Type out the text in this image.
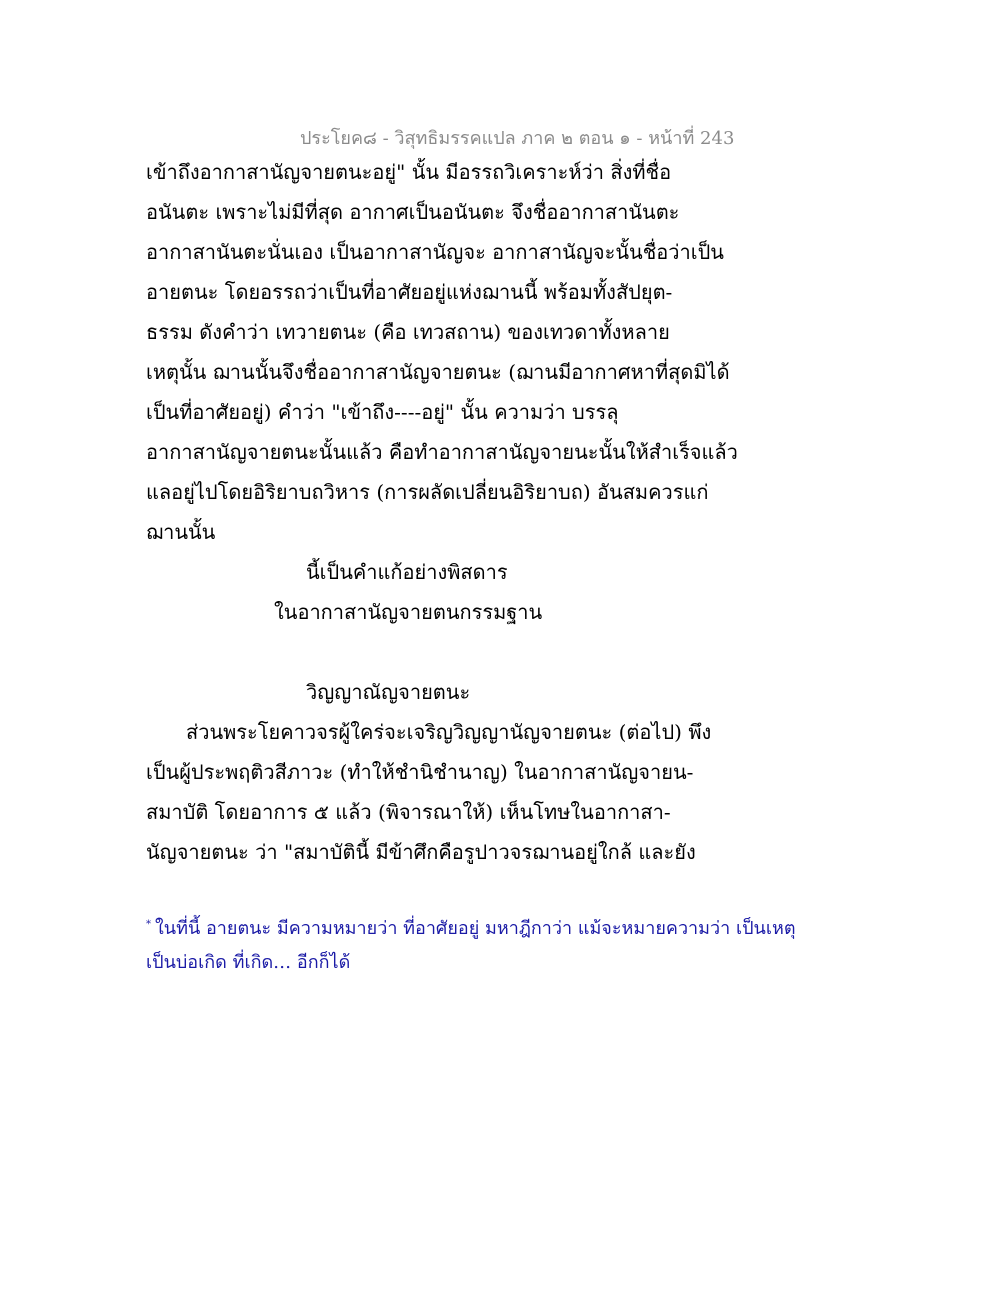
ประโยค๘ - วิสุทธิมรรคแปล ภาค ๒ ตอน ๑ - หน้าที่ 243
เข้าถึงอากาสานัญจายตนะอยู่" นั้น มีอรรถวิเคราะห์ว่า สิ่งที่ชื่อ
อนันตะ เพราะไม่มีที่สุด อากาศเป็นอนันตะ จึงชื่ออากาสานันตะ
อากาสานันตะนั่นเอง เป็นอากาสานัญจะ อากาสานัญจะนั้นชื่อว่าเป็น
อายตนะ โดยอรรถว่าเป็นที่อาศัยอยู่แห่งฌานนี้ พร้อมทั้งสัปยุต-
ธรรม ดังคำว่า เทวายตนะ (คือ เทวสถาน) ของเทวดาทั้งหลาย
เหตุนั้น ฌานนั้นจึงชื่ออากาสานัญจายตนะ (ฌานมีอากาศหาที่สุดมิได้
เป็นที่อาศัยอยู่) คำว่า "เข้าถึง----อยู่" นั้น ความว่า บรรลุ
อากาสานัญจายตนะนั้นแล้ว คือทำอากาสานัญจายนะนั้นให้สำเร็จแล้ว
แลอยู่ไปโดยอิริยาบถวิหาร (การผลัดเปลี่ยนอิริยาบถ) อันสมควรแก่
ฌานนั้น
นี้เป็นคำแก้อย่างพิสดาร
ในอากาสานัญจายตนกรรมฐาน
วิญญาณัญจายตนะ
ส่วนพระโยคาวจรผู้ใคร่จะเจริญวิญญานัญจายตนะ (ต่อไป) พึง
เป็นผู้ประพฤติวสีภาวะ (ทำให้ชำนิชำนาญ) ในอากาสานัญจายน-
สมาบัติ โดยอาการ ๕ แล้ว (พิจารณาให้) เห็นโทษในอากาสา-
นัญจายตนะ ว่า "สมาบัตินี้ มีข้าศึกคือรูปาวจรฌานอยู่ใกล้ และยัง
* ในที่นี้ อายตนะ มีความหมายว่า ที่อาศัยอยู่ มหาฎีกาว่า แม้จะหมายความว่า เป็นเหตุ
เป็นบ่อเกิด ที่เกิด… อีกก็ได้
